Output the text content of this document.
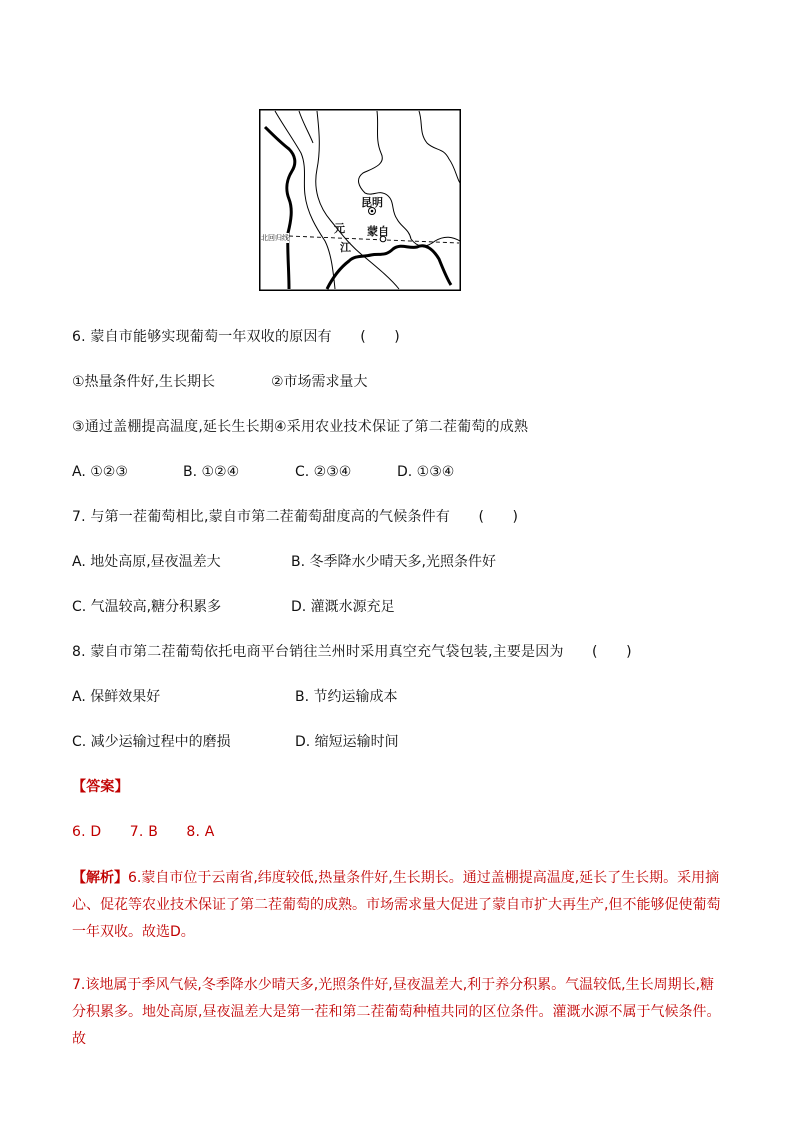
昆明
蒙自
元
江
北回归线
6. 蒙自市能够实现葡萄一年双收的原因有　　(　　)
①热量条件好,生长期长	②市场需求量大
③通过盖棚提高温度,延长生长期④采用农业技术保证了第二茬葡萄的成熟
A. ①②③	B. ①②④	C. ②③④	D. ①③④
7. 与第一茬葡萄相比,蒙自市第二茬葡萄甜度高的气候条件有　　(　　)
A. 地处高原,昼夜温差大	B. 冬季降水少晴天多,光照条件好
C. 气温较高,糖分积累多	D. 灌溉水源充足
8. 蒙自市第二茬葡萄依托电商平台销往兰州时采用真空充气袋包装,主要是因为　　(　　)
A. 保鲜效果好	B. 节约运输成本
C. 减少运输过程中的磨损	D. 缩短运输时间
【答案】
6. D　　7. B　　8. A
【解析】6.蒙自市位于云南省,纬度较低,热量条件好,生长期长。通过盖棚提高温度,延长了生长期。采用摘心、促花等农业技术保证了第二茬葡萄的成熟。市场需求量大促进了蒙自市扩大再生产,但不能够促使葡萄一年双收。故选D。
7.该地属于季风气候,冬季降水少晴天多,光照条件好,昼夜温差大,利于养分积累。气温较低,生长周期长,糖分积累多。地处高原,昼夜温差大是第一茬和第二茬葡萄种植共同的区位条件。灌溉水源不属于气候条件。故
